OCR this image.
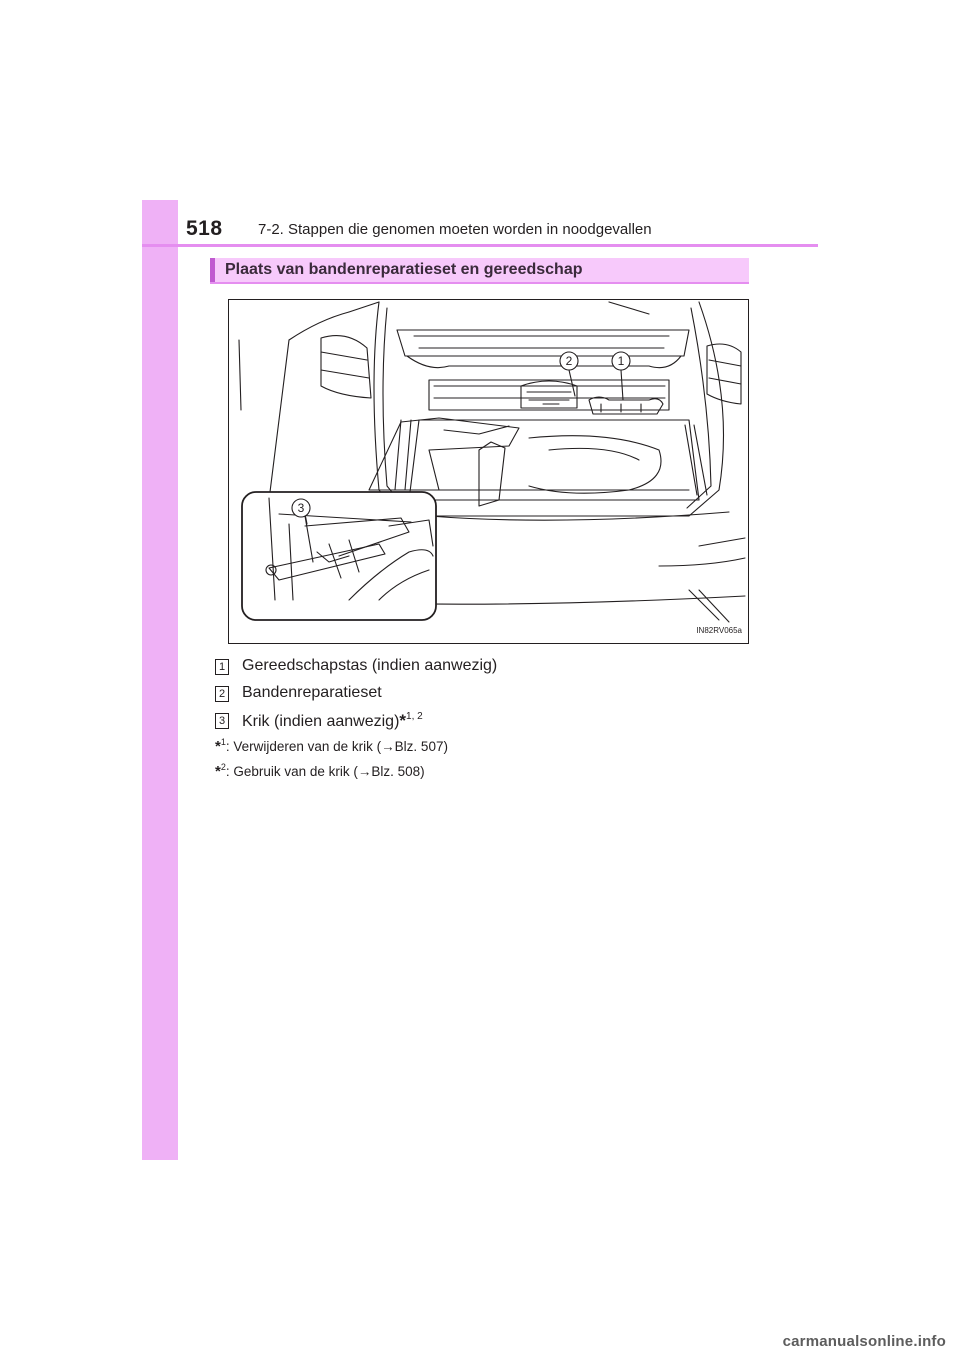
518 7-2. Stappen die genomen moeten worden in noodgevallen
Plaats van bandenreparatieset en gereedschap
2	1
3
IN82RV065a
1 Gereedschapstas (indien aanwezig)
2 Bandenreparatieset
3 Krik (indien aanwezig)*$^{1, 2}$
*$^1$: Verwijderen van de krik (→Blz. 507)
*$^2$: Gebruik van de krik (→Blz. 508)
carmanualsonline.info
